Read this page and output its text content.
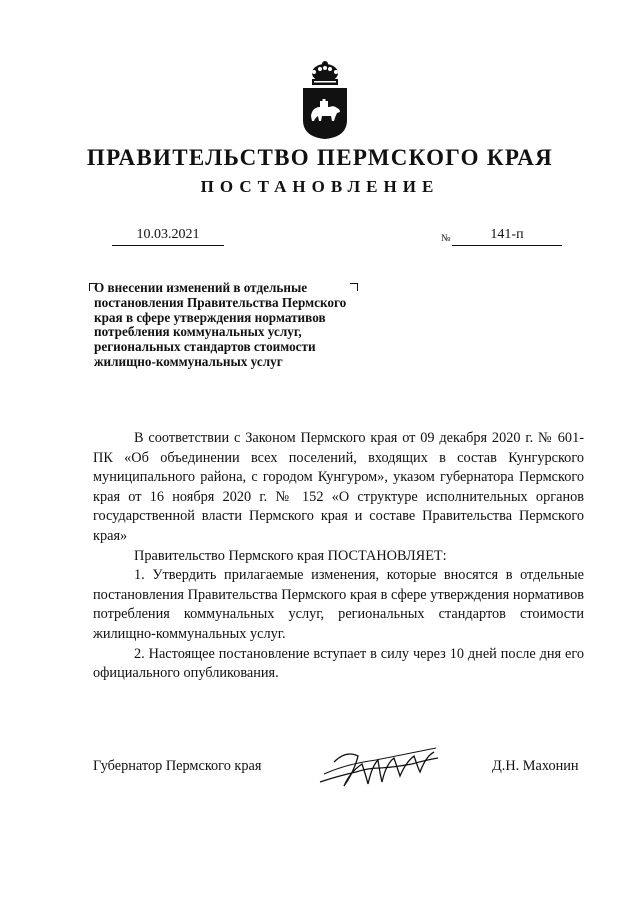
ПРАВИТЕЛЬСТВО ПЕРМСКОГО КРАЯ
ПОСТАНОВЛЕНИЕ
10.03.2021	№	141-п
О внесении изменений в отдельные
постановления Правительства Пермского
края в сфере утверждения нормативов
потребления коммунальных услуг,
региональных стандартов стоимости
жилищно-коммунальных услуг

В соответствии с Законом Пермского края от 09 декабря 2020 г. № 601-ПК «Об объединении всех поселений, входящих в состав Кунгурского муниципального района, с городом Кунгуром», указом губернатора Пермского края от 16 ноября 2020 г. № 152 «О структуре исполнительных органов государственной власти Пермского края и составе Правительства Пермского края»

Правительство Пермского края ПОСТАНОВЛЯЕТ:

1. Утвердить прилагаемые изменения, которые вносятся в отдельные постановления Правительства Пермского края в сфере утверждения нормативов потребления коммунальных услуг, региональных стандартов стоимости жилищно-коммунальных услуг.

2. Настоящее постановление вступает в силу через 10 дней после дня его официального опубликования.

Губернатор Пермского края	Д.Н. Махонин
